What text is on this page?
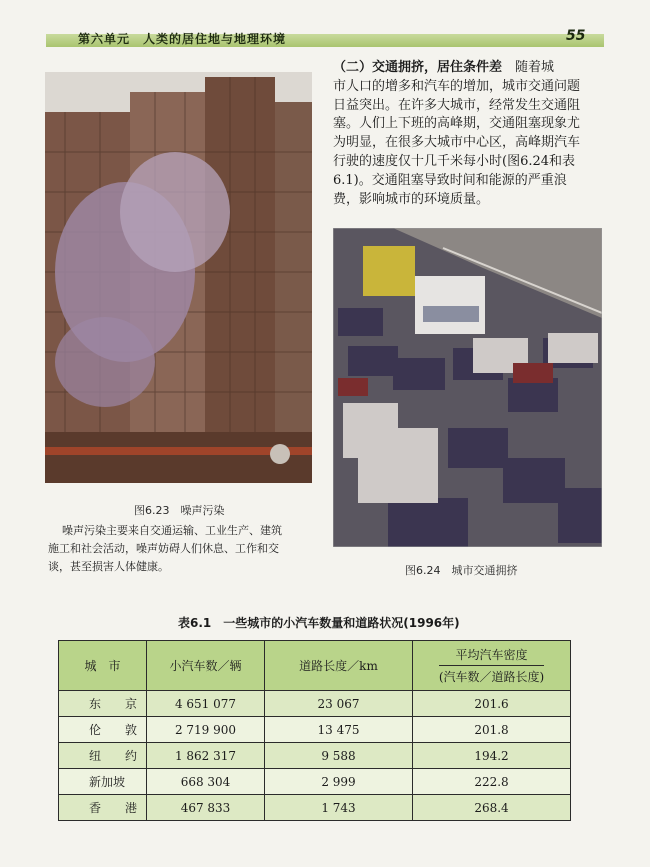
第六单元　人类的居住地与地理环境	55
（二）交通拥挤，居住条件差　 随着城
市人口的增多和汽车的增加，城市交通问题
日益突出。在许多大城市，经常发生交通阻
塞。人们上下班的高峰期，交通阻塞现象尤
为明显，在很多大城市中心区，高峰期汽车
行驶的速度仅十几千米每小时(图6.24和表
6.1)。交通阻塞导致时间和能源的严重浪
费，影响城市的环境质量。
图6.23　噪声污染
噪声污染主要来自交通运输、工业生产、建筑
施工和社会活动，噪声妨碍人们休息、工作和交
谈，甚至损害人体健康。	图6.24　城市交通拥挤
表6.1　一些城市的小汽车数量和道路状况(1996年)
城　市	小汽车数／辆	道路长度／km	平均汽车密度
(汽车数／道路长度)
东　京	4 651 077	23 067	201.6
伦　敦	2 719 900	13 475	201.8
纽　约	1 862 317	9 588	194.2
新加坡	668 304	2 999	222.8
香　港	467 833	1 743	268.4
